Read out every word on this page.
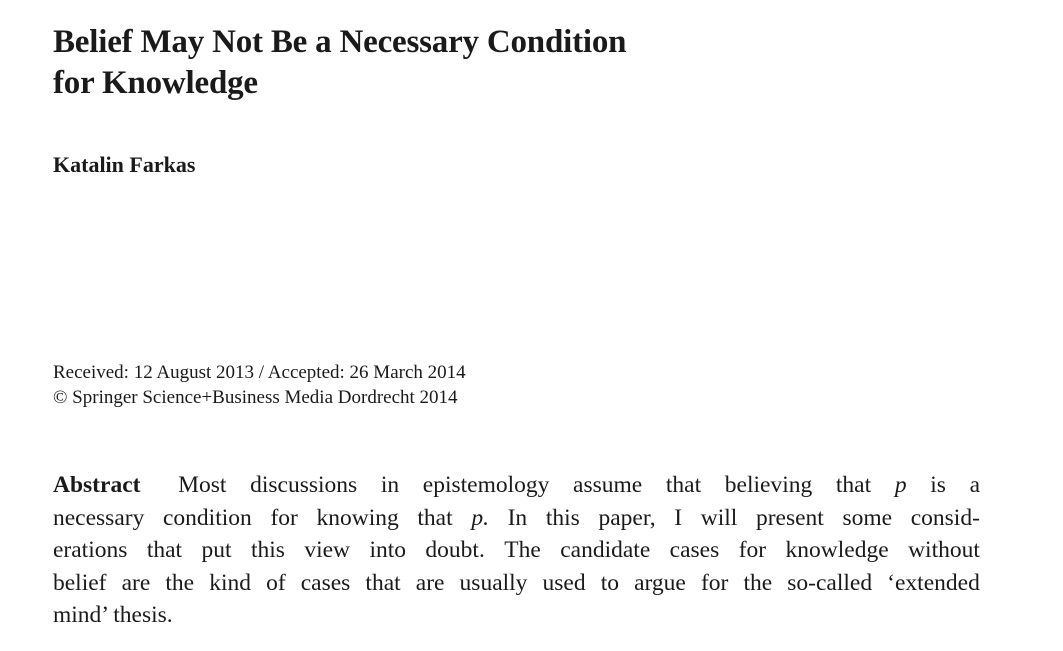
Belief May Not Be a Necessary Condition
for Knowledge
Katalin Farkas
Received: 12 August 2013 / Accepted: 26 March 2014
© Springer Science+Business Media Dordrecht 2014
Abstract Most discussions in epistemology assume that believing that p is a
necessary condition for knowing that p. In this paper, I will present some consid-
erations that put this view into doubt. The candidate cases for knowledge without
belief are the kind of cases that are usually used to argue for the so-called ‘extended
mind’ thesis.
